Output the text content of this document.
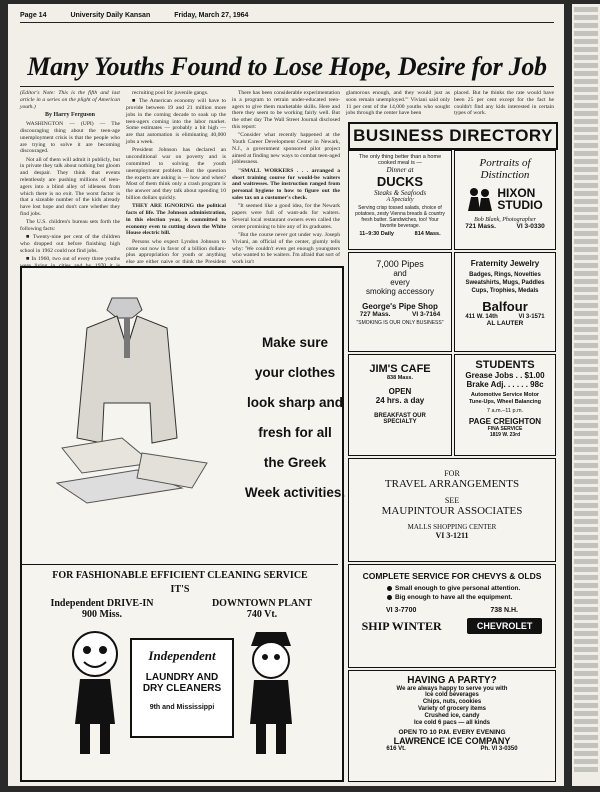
Page 14	University Daily Kansan	Friday, March 27, 1964
Many Youths Found to Lose Hope, Desire for Job

(Editor's Note: This is the fifth and last article in a series on the plight of American youth.)

By Harry Ferguson

WASHINGTON — (UPI) — The discouraging thing about the teen-age unemployment crisis is that the people who are trying to solve it are becoming discouraged.

Not all of them will admit it publicly, but in private they talk about nothing but gloom and despair. They think that events relentlessly are pushing millions of teen-agers into a blind alley of idleness from which there is no exit. The worst factor is that a sizeable number of the kids already have lost hope and don't care whether they find jobs.

The U.S. children's bureau sets forth the following facts:

■ Twenty-nine per cent of the children who dropped out before finishing high school in 1962 could not find jobs.

■ In 1960, two out of every three youths

recruiting pool for juvenile gangs.

■ The American economy will have to provide between 19 and 21 million more jobs in the coming decade to soak up the teen-agers coming into the labor market. Some estimates — probably a bit high — are that automation is eliminating 40,000 jobs a week.

President Johnson has declared an unconditional war on poverty and is committed to solving the youth unemployment problem. But the question the experts are asking is — how and when? Most of them think only a crash program is the answer and they talk about spending 10 billion dollars quickly.

THEY ARE IGNORING the political facts of life. The Johnson administration, in this election year, is committed to economy even to cutting down the White House electric bill.

Persons who expect Lyndon Johnson to come out now in favor of a billion dollars-plus appropriation for youth or anything else are either naive or think the President

There has been considerable experimentation in a program to retrain under-educated teen-agers to give them marketable skills. Here and there they seem to be working fairly well. But the other day The Wall Street Journal disclosed this report:

"Consider what recently happened at the Youth Career Development Center in Newark, N.J., a government sponsored pilot project aimed at finding new ways to combat teen-aged joblessness.

"SMALL WORKERS . . . arranged a short training course for would-be waiters and waitresses. The instruction ranged from personal hygiene to how to figure out the sales tax on a customer's check.

"It seemed like a good idea, for the Newark papers were full of want-ads for waiters. Several local restaurant owners even called the center promising to hire any of its graduates.

"But the course never got under way. Joseph Viviani, an official of the center, glumly tells why: 'We couldn't even get enough youngsters who wanted to be waiters. I'm afraid that sort of work isn't

glamorous enough, and they would just as soon remain unemployed.'" Viviani said only 11 per cent of the 14,000 youths who sought jobs through the center have been

placed. But he thinks the rate would have been 25 per cent except for the fact he couldn't find any kids interested in certain types of work.

Make sure
your clothes
look sharp and
fresh for all
the Greek
Week activities.
FOR FASHIONABLE EFFICIENT CLEANING SERVICE
IT'S
Independent DRIVE-IN
900 Miss.
DOWNTOWN PLANT
740 Vt.
Independent
LAUNDRY AND
DRY CLEANERS
9th and Mississippi
BUSINESS DIRECTORY
The only thing better than a home cooked meal is —
Dinner at
DUCKS
Steaks & Seafoods
A Specialty
Serving crisp tossed salads, choice of potatoes, zesty Vienna breads & country fresh butter. Sandwiches, too! Your favorite beverage.
11–9:30 Daily	814 Mass.
Portraits of
Distinction
HIXON
STUDIO
Bob Blank, Photographer
721 Mass.	VI 3-0330
7,000 Pipes
and
every
smoking accessory
George's Pipe Shop
727 Mass.	VI 3-7164
"SMOKING IS OUR ONLY BUSINESS"
Fraternity Jewelry
Badges, Rings, Novelties Sweatshirts, Mugs, Paddles Cups, Trophies, Medals
Balfour
411 W. 14th	VI 3-1571
AL LAUTER
JIM'S CAFE
838 Mass.
OPEN
24 hrs. a day
BREAKFAST OUR SPECIALTY
STUDENTS
Grease Jobs . . $1.00
Brake Adj. . . . . . 98c
Automotive Service Motor Tune-Ups, Wheel Balancing
7 a.m.–11 p.m.
PAGE CREIGHTON
FINA SERVICE
1819 W. 23rd
FOR
TRAVEL ARRANGEMENTS
SEE
MAUPINTOUR ASSOCIATES
MALLS SHOPPING CENTER
VI 3-1211
COMPLETE SERVICE FOR CHEVYS & OLDS
Small enough to give personal attention.
Big enough to have all the equipment.
VI 3-7700	738 N.H.
SHIP WINTER	CHEVROLET
HAVING A PARTY?
We are always happy to serve you with
Ice cold beverages
Chips, nuts, cookies
Variety of grocery items
Crushed ice, candy
Ice cold 6 pacs — all kinds
OPEN TO 10 P.M. EVERY EVENING
LAWRENCE ICE COMPANY
616 Vt.	Ph. VI 3-0350
